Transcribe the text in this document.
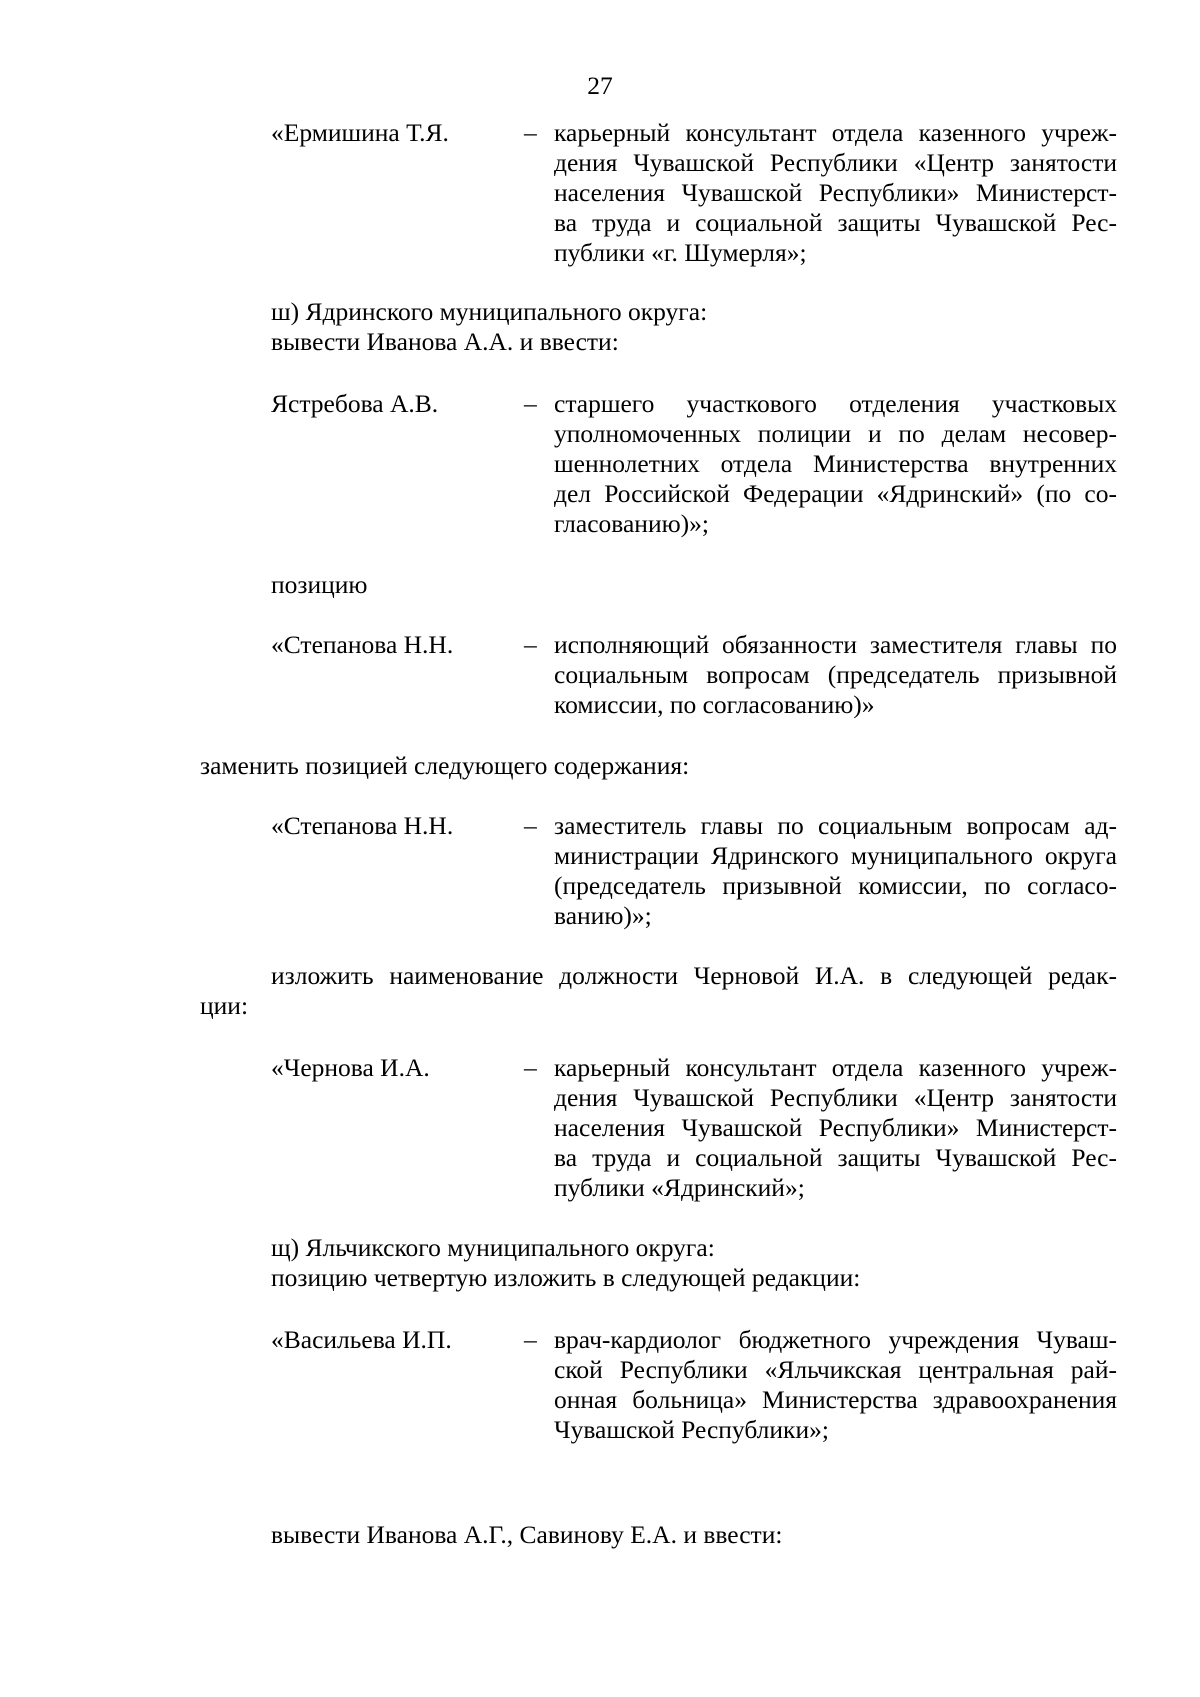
27
«Ермишина Т.Я.	– карьерный консультант отдела казенного учреж-
дения Чувашской Республики «Центр занятости
населения Чувашской Республики» Министерст-
ва труда и социальной защиты Чувашской Рес-
публики «г. Шумерля»;
ш) Ядринского муниципального округа:
вывести Иванова А.А. и ввести:
Ястребова А.В.	– старшего участкового отделения участковых
уполномоченных полиции и по делам несовер-
шеннолетних отдела Министерства внутренних
дел Российской Федерации «Ядринский» (по со-
гласованию)»;
позицию
«Степанова Н.Н.	– исполняющий обязанности заместителя главы по
социальным вопросам (председатель призывной
комиссии, по согласованию)»
заменить позицией следующего содержания:
«Степанова Н.Н.	– заместитель главы по социальным вопросам ад-
министрации Ядринского муниципального округа
(председатель призывной комиссии, по согласо-
ванию)»;
изложить наименование должности Черновой И.А. в следующей редак-
ции:
«Чернова И.А.	– карьерный консультант отдела казенного учреж-
дения Чувашской Республики «Центр занятости
населения Чувашской Республики» Министерст-
ва труда и социальной защиты Чувашской Рес-
публики «Ядринский»;
щ) Яльчикского муниципального округа:
позицию четвертую изложить в следующей редакции:
«Васильева И.П.	– врач-кардиолог бюджетного учреждения Чуваш-
ской Республики «Яльчикская центральная рай-
онная больница» Министерства здравоохранения
Чувашской Республики»;
вывести Иванова А.Г., Савинову Е.А. и ввести:
